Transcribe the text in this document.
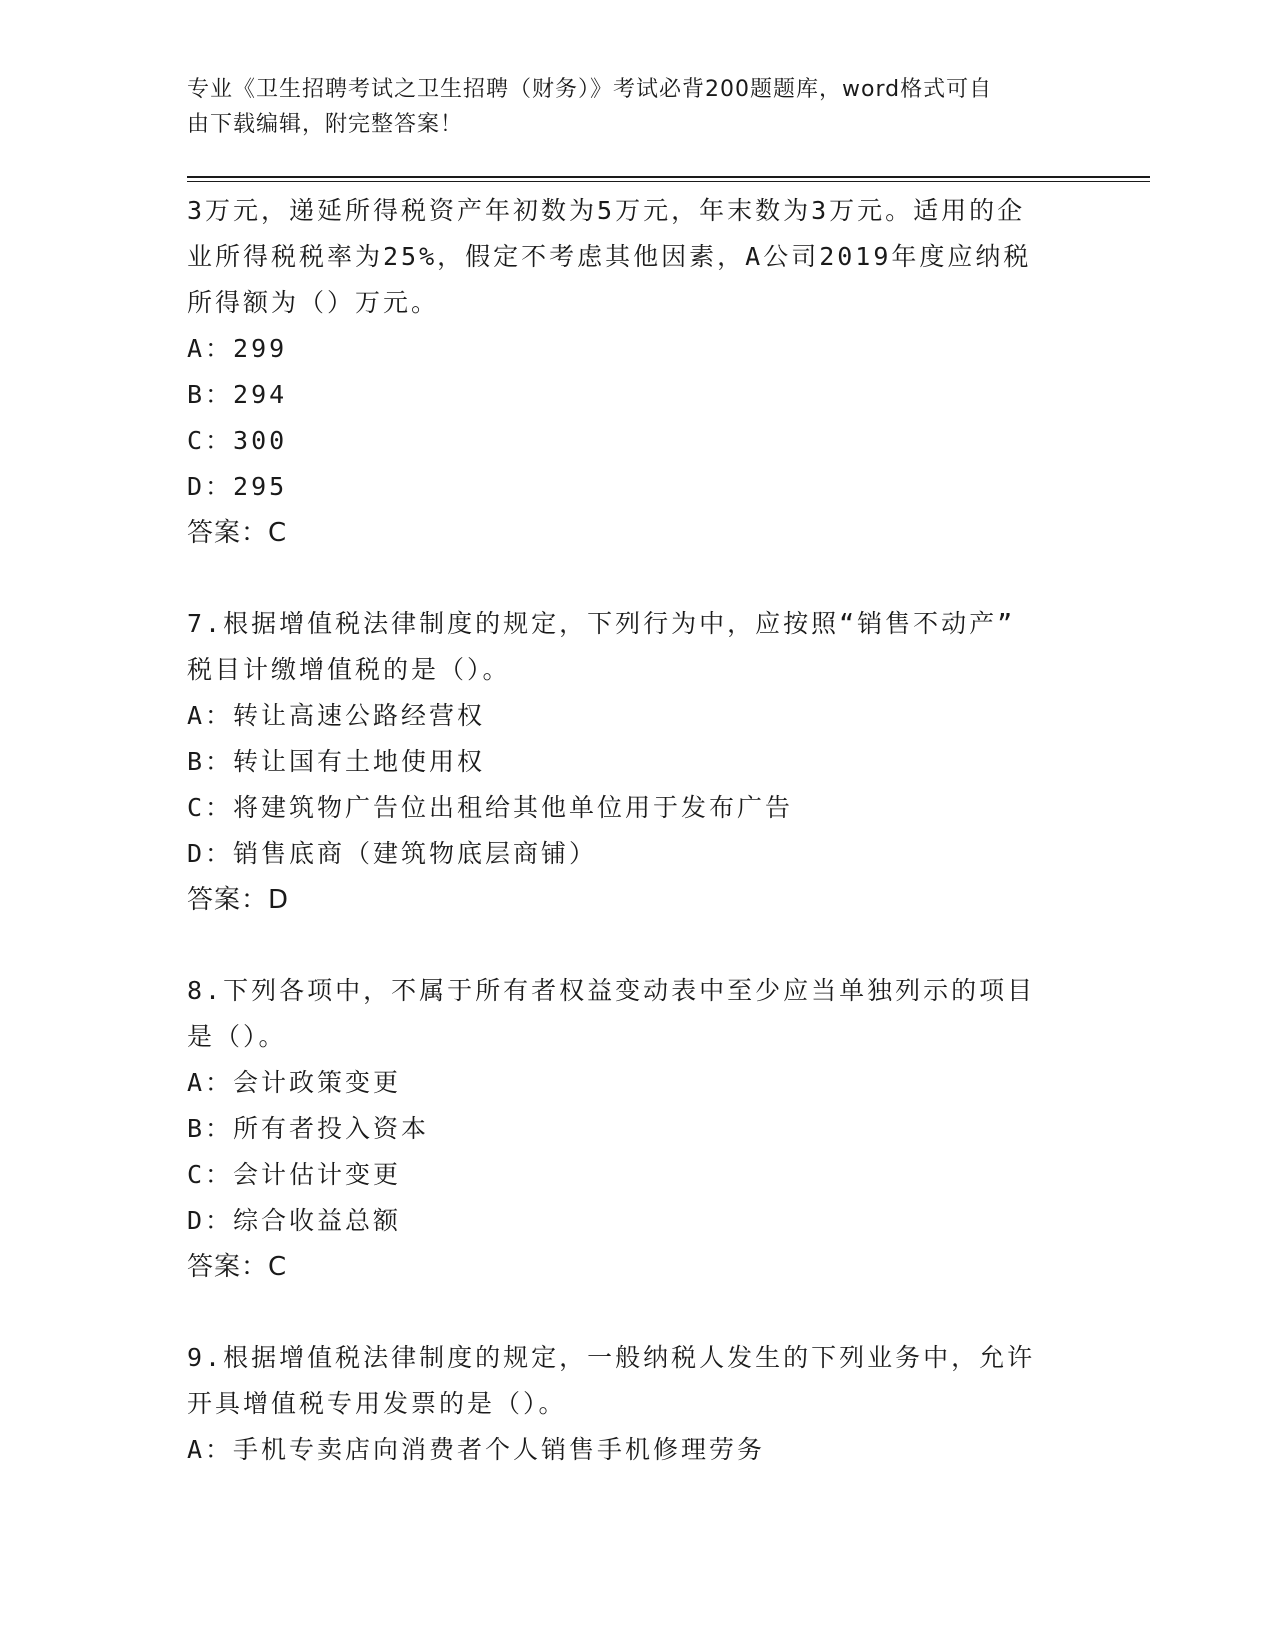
专业《卫生招聘考试之卫生招聘（财务）》考试必背200题题库，word格式可自
由下载编辑，附完整答案！
3万元，递延所得税资产年初数为5万元，年末数为3万元。适用的企
业所得税税率为25%，假定不考虑其他因素，A公司2019年度应纳税
所得额为（）万元。
A：299
B：294
C：300
D：295
答案：C
7.根据增值税法律制度的规定，下列行为中，应按照“销售不动产”
税目计缴增值税的是（）。
A：转让高速公路经营权
B：转让国有土地使用权
C：将建筑物广告位出租给其他单位用于发布广告
D：销售底商（建筑物底层商铺）
答案：D
8.下列各项中，不属于所有者权益变动表中至少应当单独列示的项目
是（）。
A：会计政策变更
B：所有者投入资本
C：会计估计变更
D：综合收益总额
答案：C
9.根据增值税法律制度的规定，一般纳税人发生的下列业务中，允许
开具增值税专用发票的是（）。
A：手机专卖店向消费者个人销售手机修理劳务
